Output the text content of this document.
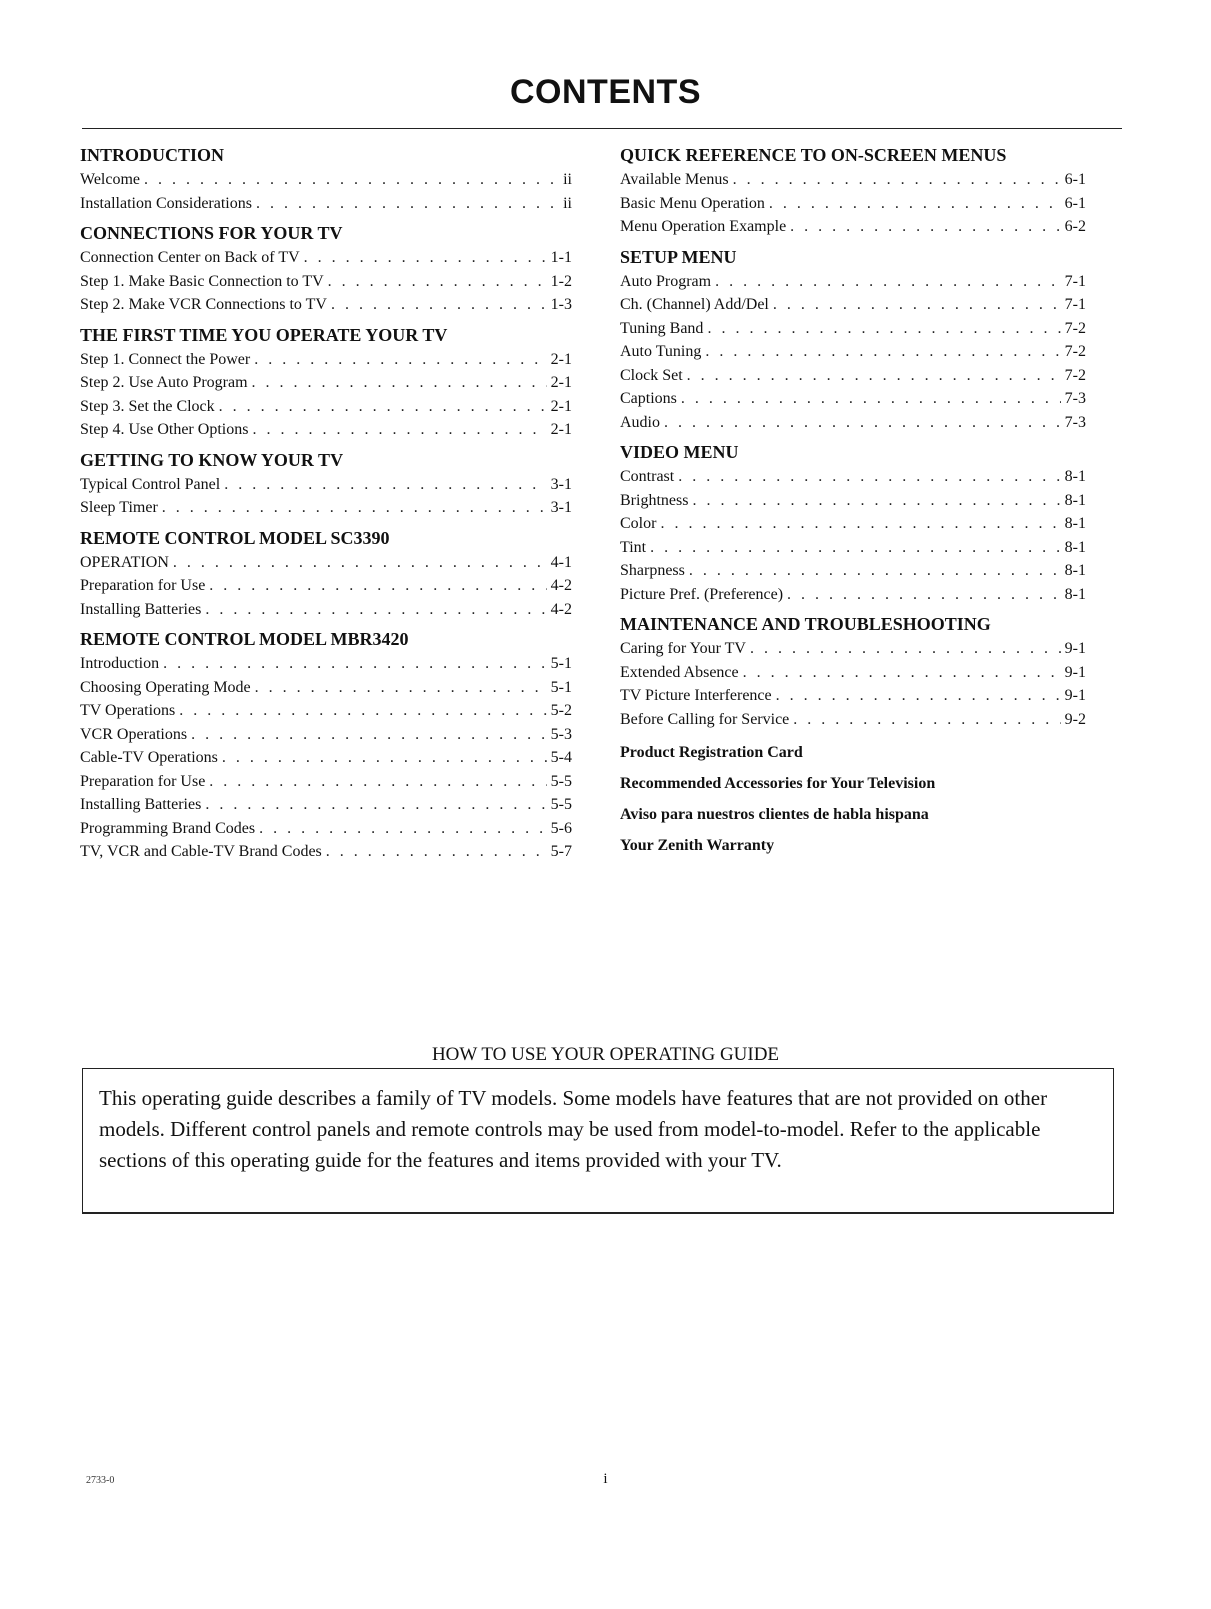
CONTENTS
INTRODUCTION
Welcome . . .	ii
Installation Considerations . . .	ii
CONNECTIONS FOR YOUR TV
Connection Center on Back of TV . . .	1-1
Step 1. Make Basic Connection to TV . . .	1-2
Step 2. Make VCR Connections to TV . . .	1-3
THE FIRST TIME YOU OPERATE YOUR TV
Step 1. Connect the Power . . .	2-1
Step 2. Use Auto Program . . .	2-1
Step 3. Set the Clock . . .	2-1
Step 4. Use Other Options . . .	2-1
GETTING TO KNOW YOUR TV
Typical Control Panel . . .	3-1
Sleep Timer . . .	3-1
REMOTE CONTROL MODEL SC3390
OPERATION . . .	4-1
Preparation for Use . . .	4-2
Installing Batteries . . .	4-2
REMOTE CONTROL MODEL MBR3420
Introduction . . .	5-1
Choosing Operating Mode . . .	5-1
TV Operations . . .	5-2
VCR Operations . . .	5-3
Cable-TV Operations . . .	5-4
Preparation for Use . . .	5-5
Installing Batteries . . .	5-5
Programming Brand Codes . . .	5-6
TV, VCR and Cable-TV Brand Codes . . .	5-7
QUICK REFERENCE TO ON-SCREEN MENUS
Available Menus . . .	6-1
Basic Menu Operation . . .	6-1
Menu Operation Example . . .	6-2
SETUP MENU
Auto Program . . .	7-1
Ch. (Channel) Add/Del . . .	7-1
Tuning Band . . .	7-2
Auto Tuning . . .	7-2
Clock Set . . .	7-2
Captions . . .	7-3
Audio . . .	7-3
VIDEO MENU
Contrast . . .	8-1
Brightness . . .	8-1
Color . . .	8-1
Tint . . .	8-1
Sharpness . . .	8-1
Picture Pref. (Preference) . . .	8-1
MAINTENANCE AND TROUBLESHOOTING
Caring for Your TV . . .	9-1
Extended Absence . . .	9-1
TV Picture Interference . . .	9-1
Before Calling for Service . . .	9-2
Product Registration Card
Recommended Accessories for Your Television
Aviso para nuestros clientes de habla hispana
Your Zenith Warranty
HOW TO USE YOUR OPERATING GUIDE
This operating guide describes a family of TV models. Some models have features that are not provided on other models. Different control panels and remote controls may be used from model-to-model. Refer to the applicable sections of this operating guide for the features and items provided with your TV.
2733-0	i
